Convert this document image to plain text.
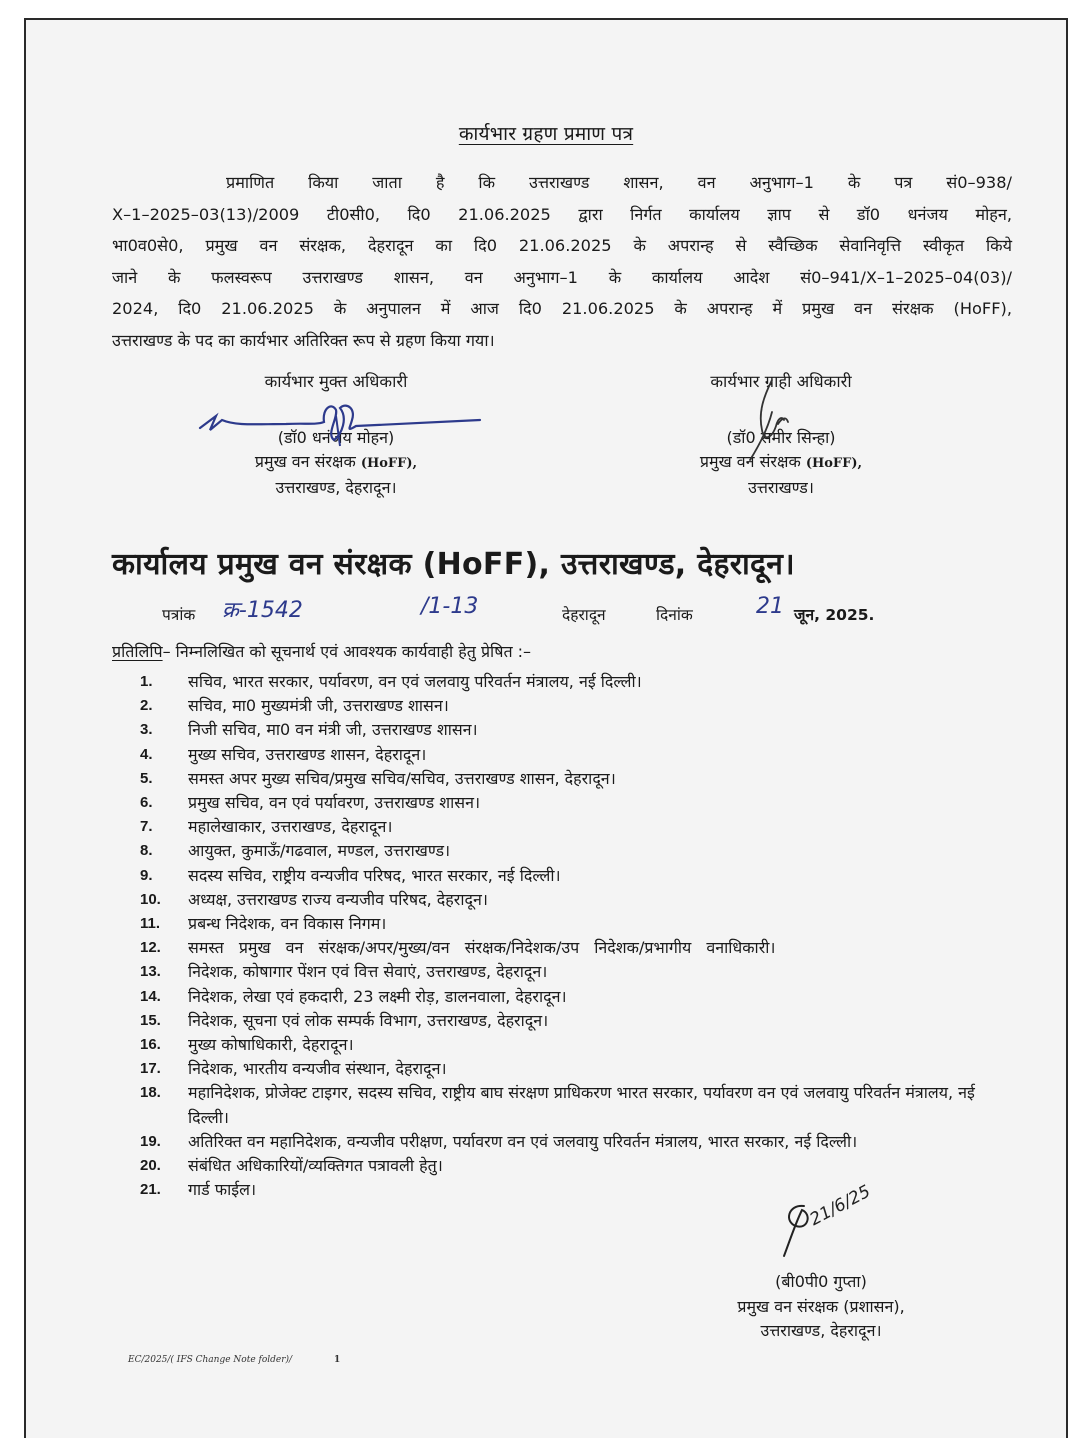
कार्यभार ग्रहण प्रमाण पत्र
प्रमाणित किया जाता है कि उत्तराखण्ड शासन, वन अनुभाग–1 के पत्र सं0–938/
X–1–2025–03(13)/2009 टी0सी0, दि0 21.06.2025 द्वारा निर्गत कार्यालय ज्ञाप से डॉ0 धनंजय मोहन,
भा0व0से0, प्रमुख वन संरक्षक, देहरादून का दि0 21.06.2025 के अपरान्ह से स्वैच्छिक सेवानिवृत्ति स्वीकृत किये
जाने के फलस्वरूप उत्तराखण्ड शासन, वन अनुभाग–1 के कार्यालय आदेश सं0–941/X–1–2025–04(03)/
2024, दि0 21.06.2025 के अनुपालन में आज दि0 21.06.2025 के अपरान्ह में प्रमुख वन संरक्षक (HoFF),
उत्तराखण्ड के पद का कार्यभार अतिरिक्त रूप से ग्रहण किया गया।
कार्यभार मुक्त अधिकारी
(डॉ0 धनंजय मोहन)
प्रमुख वन संरक्षक (HoFF),
उत्तराखण्ड, देहरादून।
कार्यभार ग्राही अधिकारी
(डॉ0 समीर सिन्हा)
प्रमुख वन संरक्षक (HoFF),
उत्तराखण्ड।
कार्यालय प्रमुख वन संरक्षक (HoFF), उत्तराखण्ड, देहरादून।
पत्रांक क्र-1542	/1-13	देहरादून	दिनांक	21 जून, 2025.
प्रतिलिपि– निम्नलिखित को सूचनार्थ एवं आवश्यक कार्यवाही हेतु प्रेषित :–
1.	सचिव, भारत सरकार, पर्यावरण, वन एवं जलवायु परिवर्तन मंत्रालय, नई दिल्ली।
2.	सचिव, मा0 मुख्यमंत्री जी, उत्तराखण्ड शासन।
3.	निजी सचिव, मा0 वन मंत्री जी, उत्तराखण्ड शासन।
4.	मुख्य सचिव, उत्तराखण्ड शासन, देहरादून।
5.	समस्त अपर मुख्य सचिव/प्रमुख सचिव/सचिव, उत्तराखण्ड शासन, देहरादून।
6.	प्रमुख सचिव, वन एवं पर्यावरण, उत्तराखण्ड शासन।
7.	महालेखाकार, उत्तराखण्ड, देहरादून।
8.	आयुक्त, कुमाऊँ/गढवाल, मण्डल, उत्तराखण्ड।
9.	सदस्य सचिव, राष्ट्रीय वन्यजीव परिषद, भारत सरकार, नई दिल्ली।
10.	अध्यक्ष, उत्तराखण्ड राज्य वन्यजीव परिषद, देहरादून।
11.	प्रबन्ध निदेशक, वन विकास निगम।
12.	समस्त प्रमुख वन संरक्षक/अपर/मुख्य/वन संरक्षक/निदेशक/उप निदेशक/प्रभागीय वनाधिकारी।
13.	निदेशक, कोषागार पेंशन एवं वित्त सेवाएं, उत्तराखण्ड, देहरादून।
14.	निदेशक, लेखा एवं हकदारी, 23 लक्ष्मी रोड़, डालनवाला, देहरादून।
15.	निदेशक, सूचना एवं लोक सम्पर्क विभाग, उत्तराखण्ड, देहरादून।
16.	मुख्य कोषाधिकारी, देहरादून।
17.	निदेशक, भारतीय वन्यजीव संस्थान, देहरादून।
18.	महानिदेशक, प्रोजेक्ट टाइगर, सदस्य सचिव, राष्ट्रीय बाघ संरक्षण प्राधिकरण भारत सरकार, पर्यावरण वन एवं जलवायु परिवर्तन मंत्रालय, नई दिल्ली।
19.	अतिरिक्त वन महानिदेशक, वन्यजीव परीक्षण, पर्यावरण वन एवं जलवायु परिवर्तन मंत्रालय, भारत सरकार, नई दिल्ली।
20.	संबंधित अधिकारियों/व्यक्तिगत पत्रावली हेतु।
21.	गार्ड फाईल।	21/6/25
(बी0पी0 गुप्ता)
प्रमुख वन संरक्षक (प्रशासन),
उत्तराखण्ड, देहरादून।
EC/2025/( IFS Change Note folder)/	1
